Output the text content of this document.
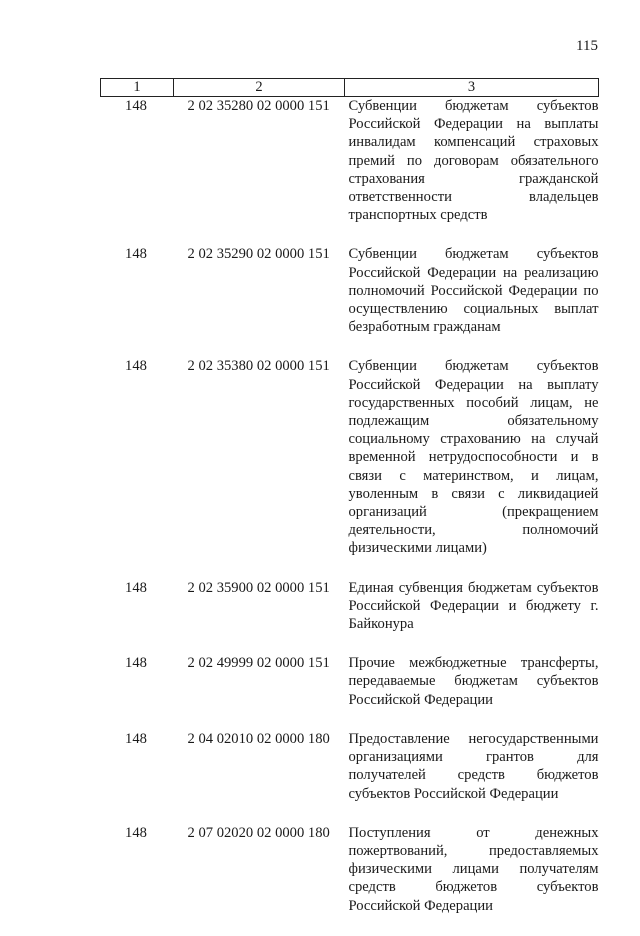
115
1	2	3
148	2 02 35280 02 0000 151	Субвенции бюджетам субъектов Российской Федерации на выплаты инвалидам компенсаций страховых премий по договорам обязательного страхования гражданской ответственности владельцев транспортных средств
148	2 02 35290 02 0000 151	Субвенции бюджетам субъектов Российской Федерации на реализацию полномочий Российской Федерации по осуществлению социальных выплат безработным гражданам
148	2 02 35380 02 0000 151	Субвенции бюджетам субъектов Российской Федерации на выплату государственных пособий лицам, не подлежащим обязательному социальному страхованию на случай временной нетрудоспособности и в связи с материнством, и лицам, уволенным в связи с ликвидацией организаций (прекращением деятельности, полномочий физическими лицами)
148	2 02 35900 02 0000 151	Единая субвенция бюджетам субъектов Российской Федерации и бюджету г. Байконура
148	2 02 49999 02 0000 151	Прочие межбюджетные трансферты, передаваемые бюджетам субъектов Российской Федерации
148	2 04 02010 02 0000 180	Предоставление негосударственными организациями грантов для получателей средств бюджетов субъектов Российской Федерации
148	2 07 02020 02 0000 180	Поступления от денежных пожертвований, предоставляемых физическими лицами получателям средств бюджетов субъектов Российской Федерации
